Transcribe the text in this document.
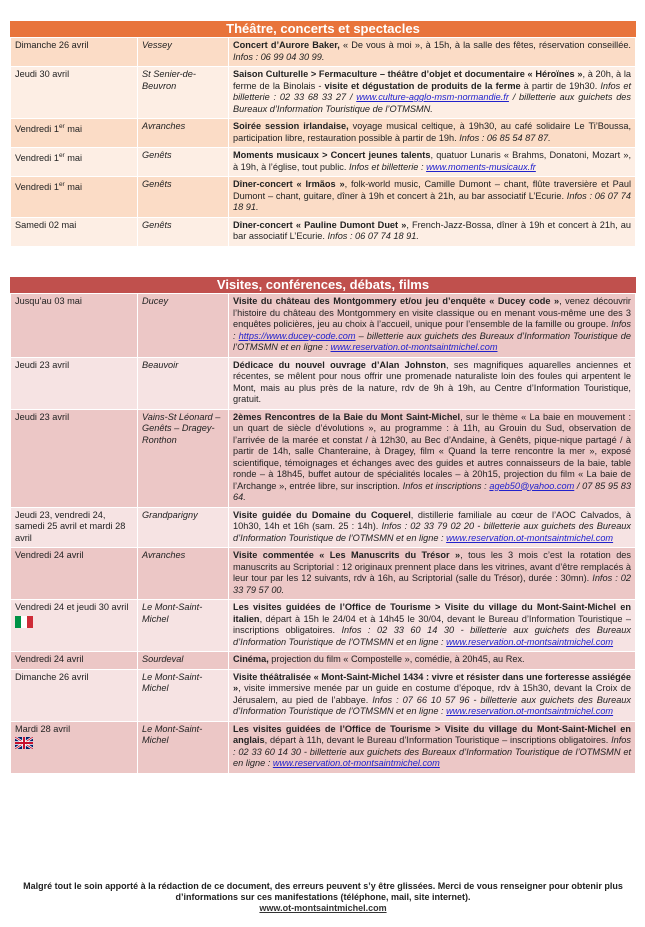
Théâtre, concerts et spectacles
Dimanche 26 avril	Vessey	Concert d’Aurore Baker, « De vous à moi », à 15h, à la salle des fêtes, réservation conseillée. Infos : 06 99 04 30 99.
Jeudi 30 avril	St Senier-de-Beuvron	Saison Culturelle > Fermaculture – théâtre d’objet et documentaire « Héroïnes », à 20h, à la ferme de la Binolais - visite et dégustation de produits de la ferme à partir de 19h30. Infos et billetterie : 02 33 68 33 27 / www.culture-agglo-msm-normandie.fr / billetterie aux guichets des Bureaux d’Information Touristique de l’OTMSMN.
Vendredi 1er mai	Avranches	Soirée session irlandaise, voyage musical celtique, à 19h30, au café solidaire Le Ti’Boussa, participation libre, restauration possible à partir de 19h. Infos : 06 85 54 87 87.
Vendredi 1er mai	Genêts	Moments musicaux > Concert jeunes talents, quatuor Lunaris « Brahms, Donatoni, Mozart », à 19h, à l’église, tout public. Infos et billetterie : www.moments-musicaux.fr
Vendredi 1er mai	Genêts	Dîner-concert « Irmãos », folk-world music, Camille Dumont – chant, flûte traversière et Paul Dumont – chant, guitare, dîner à 19h et concert à 21h, au bar associatif L’Ecurie. Infos : 06 07 74 18 91.
Samedi 02 mai	Genêts	Dîner-concert « Pauline Dumont Duet », French-Jazz-Bossa, dîner à 19h et concert à 21h, au bar associatif L’Ecurie. Infos : 06 07 74 18 91.
Visites, conférences, débats, films
Jusqu’au 03 mai	Ducey	Visite du château des Montgommery et/ou jeu d’enquête « Ducey code », venez découvrir l’histoire du château des Montgommery en visite classique ou en menant vous-même une des 3 enquêtes policières, jeu au choix à l’accueil, unique pour l’ensemble de la famille ou groupe. Infos : https://www.ducey-code.com – billetterie aux guichets des Bureaux d’Information Touristique de l’OTMSMN et en ligne : www.reservation.ot-montsaintmichel.com
Jeudi 23 avril	Beauvoir	Dédicace du nouvel ouvrage d’Alan Johnston, ses magnifiques aquarelles anciennes et récentes, se mêlent pour nous offrir une promenade naturaliste loin des foules qui arpentent le Mont, mais au plus près de la nature, rdv de 9h à 19h, au Centre d’Information Touristique, gratuit.
Jeudi 23 avril	Vains-St Léonard – Genêts – Dragey-Ronthon	2èmes Rencontres de la Baie du Mont Saint-Michel, sur le thème « La baie en mouvement : un quart de siècle d’évolutions », au programme : à 11h, au Grouin du Sud, observation de l’arrivée de la marée et constat / à 12h30, au Bec d’Andaine, à Genêts, pique-nique partagé / à partir de 14h, salle Chanteraine, à Dragey, film « Quand la terre rencontre la mer », exposé scientifique, témoignages et échanges avec des guides et autres connaisseurs de la baie, table ronde – à 18h45, buffet autour de spécialités locales – à 20h15, projection du film « La baie de l’Archange », entrée libre, sur inscription. Infos et inscriptions : ageb50@yahoo.com / 07 85 95 83 64.
Jeudi 23, vendredi 24, samedi 25 avril et mardi 28 avril	Grandparigny	Visite guidée du Domaine du Coquerel, distillerie familiale au cœur de l’AOC Calvados, à 10h30, 14h et 16h (sam. 25 : 14h). Infos : 02 33 79 02 20 - billetterie aux guichets des Bureaux d’Information Touristique de l’OTMSMN et en ligne : www.reservation.ot-montsaintmichel.com
Vendredi 24 avril	Avranches	Visite commentée « Les Manuscrits du Trésor », tous les 3 mois c’est la rotation des manuscrits au Scriptorial : 12 originaux prennent place dans les vitrines, avant d’être remplacés à leur tour par les 12 suivants, rdv à 16h, au Scriptorial (salle du Trésor), durée : 30mn). Infos : 02 33 79 57 00.
Vendredi 24 et jeudi 30 avril	Le Mont-Saint-Michel	Les visites guidées de l’Office de Tourisme > Visite du village du Mont-Saint-Michel en italien, départ à 15h le 24/04 et à 14h45 le 30/04, devant le Bureau d’Information Touristique – inscriptions obligatoires. Infos : 02 33 60 14 30 - billetterie aux guichets des Bureaux d’Information Touristique de l’OTMSMN et en ligne : www.reservation.ot-montsaintmichel.com
Vendredi 24 avril	Sourdeval	Cinéma, projection du film « Compostelle », comédie, à 20h45, au Rex.
Dimanche 26 avril	Le Mont-Saint-Michel	Visite théâtralisée « Mont-Saint-Michel 1434 : vivre et résister dans une forteresse assiégée », visite immersive menée par un guide en costume d’époque, rdv à 15h30, devant la Croix de Jérusalem, au pied de l’abbaye. Infos : 07 66 10 57 96 - billetterie aux guichets des Bureaux d’Information Touristique de l’OTMSMN et en ligne : www.reservation.ot-montsaintmichel.com
Mardi 28 avril	Le Mont-Saint-Michel	Les visites guidées de l’Office de Tourisme > Visite du village du Mont-Saint-Michel en anglais, départ à 11h, devant le Bureau d’Information Touristique – inscriptions obligatoires. Infos : 02 33 60 14 30 - billetterie aux guichets des Bureaux d’Information Touristique de l’OTMSMN et en ligne : www.reservation.ot-montsaintmichel.com
Malgré tout le soin apporté à la rédaction de ce document, des erreurs peuvent s’y être glissées. Merci de vous renseigner pour obtenir plus d’informations sur ces manifestations (téléphone, mail, site internet).
www.ot-montsaintmichel.com
